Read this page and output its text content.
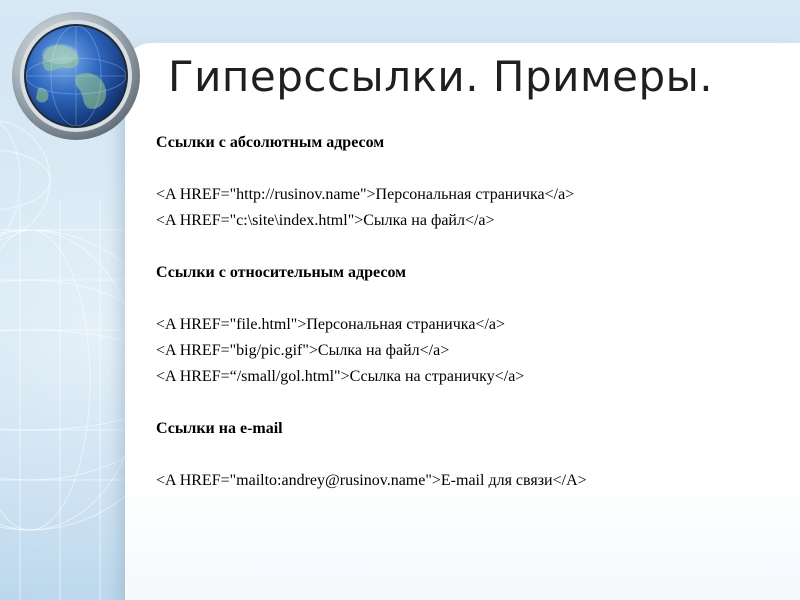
Гиперссылки. Примеры.
Ссылки с абсолютным адресом
<A HREF="http://rusinov.name">Персональная страничка</a>
<A HREF="c:\site\index.html">Сылка на файл</a>
Ссылки с относительным адресом
<A HREF="file.html">Персональная страничка</a>
<A HREF="big/pic.gif">Сылка на файл</a>
<A HREF=“/small/gol.html">Ссылка на страничку</a>
Ссылки на e-mail
<A HREF="mailto:andrey@rusinov.name">E-mail для связи</A>
